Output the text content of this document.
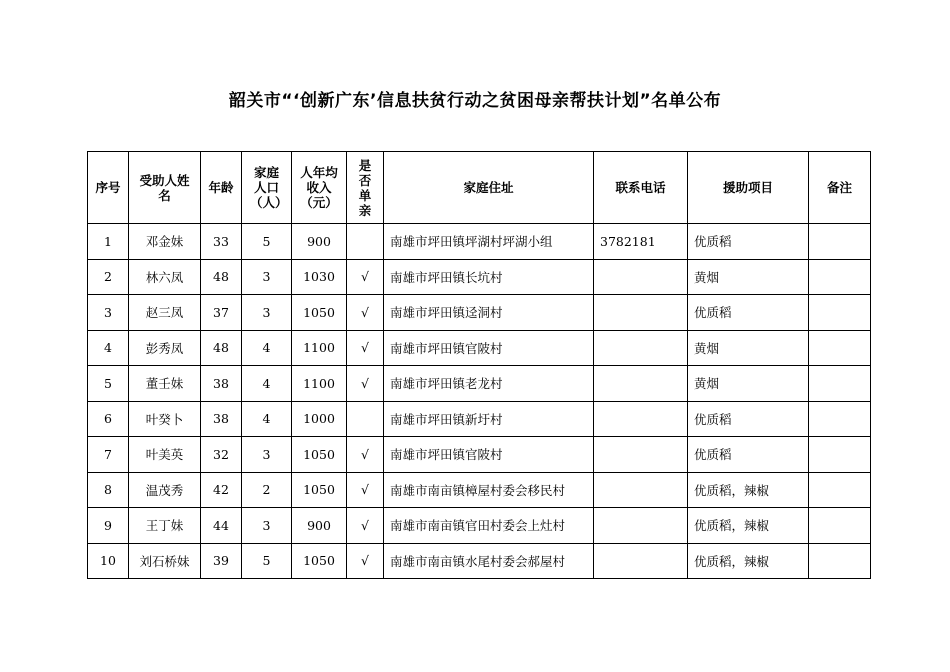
韶关市“‘创新广东’信息扶贫行动之贫困母亲帮扶计划”名单公布
序号	受助人姓名	年龄	家庭人口（人）	人年均收入（元）	是否单亲	家庭住址	联系电话	援助项目	备注
1	邓金妹	33	5	900		南雄市坪田镇坪湖村坪湖小组	3782181	优质稻	
2	林六凤	48	3	1030	√	南雄市坪田镇长坑村		黄烟	
3	赵三凤	37	3	1050	√	南雄市坪田镇迳洞村		优质稻	
4	彭秀凤	48	4	1100	√	南雄市坪田镇官陂村		黄烟	
5	董壬妹	38	4	1100	√	南雄市坪田镇老龙村		黄烟	
6	叶癸卜	38	4	1000		南雄市坪田镇新圩村		优质稻	
7	叶美英	32	3	1050	√	南雄市坪田镇官陂村		优质稻	
8	温茂秀	42	2	1050	√	南雄市南亩镇樟屋村委会移民村		优质稻，辣椒	
9	王丁妹	44	3	900	√	南雄市南亩镇官田村委会上灶村		优质稻，辣椒	
10	刘石桥妹	39	5	1050	√	南雄市南亩镇水尾村委会郝屋村		优质稻，辣椒	
